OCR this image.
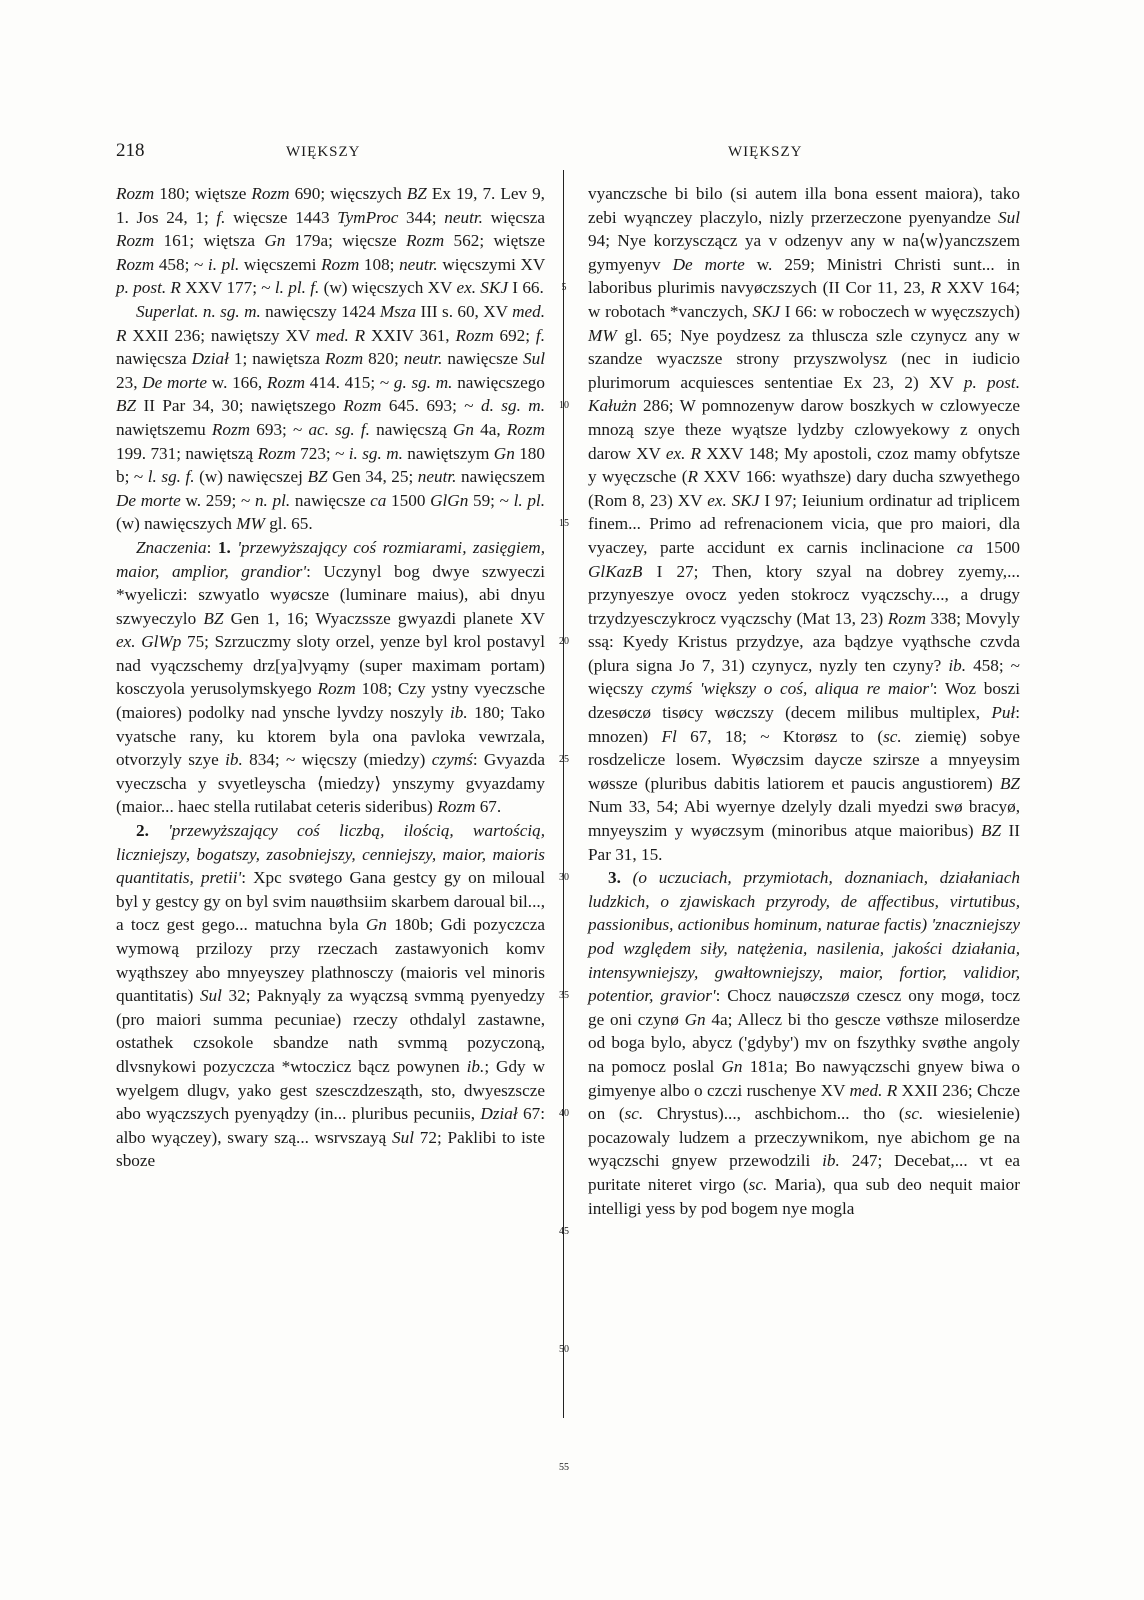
218	WIĘKSZY	WIĘKSZY

Rozm 180; więtsze Rozm 690; więcszych BZ Ex 19, 7. Lev 9, 1. Jos 24, 1; f. więcsze 1443 TymProc 344; neutr. więcsza Rozm 161; więtsza Gn 179a; więcsze Rozm 562; więtsze Rozm 458; ~ i. pl. więcszemi Rozm 108; neutr. więcszymi XV p. post. R XXV 177; ~ l. pl. f. (w) więcszych XV ex. SKJ I 66.

Superlat. n. sg. m. nawięcszy 1424 Msza III s. 60, XV med. R XXII 236; nawiętszy XV med. R XXIV 361, Rozm 692; f. nawięcsza Dział 1; nawiętsza Rozm 820; neutr. nawięcsze Sul 23, De morte w. 166, Rozm 414. 415; ~ g. sg. m. nawięcszego BZ II Par 34, 30; nawiętszego Rozm 645. 693; ~ d. sg. m. nawiętszemu Rozm 693; ~ ac. sg. f. nawięcszą Gn 4a, Rozm 199. 731; nawiętszą Rozm 723; ~ i. sg. m. nawiętszym Gn 180 b; ~ l. sg. f. (w) nawięcszej BZ Gen 34, 25; neutr. nawięcszem De morte w. 259; ~ n. pl. nawięcsze ca 1500 GlGn 59; ~ l. pl. (w) nawięcszych MW gl. 65.

Znaczenia: 1. 'przewyższający coś rozmiarami, zasięgiem, maior, amplior, grandior': Uczynyl bog dwye szwyeczi *wyeliczi: szwyatlo wyøcsze (luminare maius), abi dnyu szwyeczylo BZ Gen 1, 16; Wyaczssze gwyazdi planete XV ex. GlWp 75; Szrzuczmy sloty orzel, yenze byl krol postavyl nad vyączschemy drz[ya]vyąmy (super maximam portam) kosczyola yerusolymskyego Rozm 108; Czy ystny vyeczsche (maiores) podolky nad ynsche lyvdzy noszyly ib. 180; Tako vyatsche rany, ku ktorem byla ona pavloka vewrzala, otvorzyly szye ib. 834; ~ więcszy (miedzy) czymś: Gvyazda vyeczscha y svyetleyscha ⟨miedzy⟩ ynszymy gvyazdamy (maior... haec stella rutilabat ceteris sideribus) Rozm 67.

2. 'przewyższający coś liczbą, ilością, wartością, liczniejszy, bogatszy, zasobniejszy, cenniejszy, maior, maioris quantitatis, pretii': Xpc svøtego Gana gestcy gy on miloual byl y gestcy gy on byl svim nauøthsiim skarbem daroual bil..., a tocz gest gego... matuchna byla Gn 180b; Gdi pozyczcza wymową przilozy przy rzeczach zastawyonich komv wyąthszey abo mnyeyszey plathnosczy (maioris vel minoris quantitatis) Sul 32; Paknyąly za wyączsą svmmą pyenyedzy (pro maiori summa pecuniae) rzeczy othdalyl zastawne, ostathek czsokole sbandze nath svmmą pozyczoną, dlvsnykowi pozyczcza *wtoczicz bącz powynen ib.; Gdy w wyelgem dlugv, yako gest szesczdzesząth, sto, dwyeszscze abo wyączszych pyenyądzy (in... pluribus pecuniis, Dział 67: albo wyączey), swary szą... wsrvszayą Sul 72; Paklibi to iste sboze

5
10
15
20
25
30
35
40
45
50
55

vyanczsche bi bilo (si autem illa bona essent maiora), tako zebi wyąnczey placzylo, nizly przerzeczone pyenyandze Sul 94; Nye korzysczącz ya v odzenyv any w na⟨w⟩yanczszem gymyenyv De morte w. 259; Ministri Christi sunt... in laboribus plurimis navyøczszych (II Cor 11, 23, R XXV 164; w robotach *vanczych, SKJ I 66: w roboczech w wyęczszych) MW gl. 65; Nye poydzesz za thluscza szle czynycz any w szandze wyaczsze strony przyszwolysz (nec in iudicio plurimorum acquiesces sententiae Ex 23, 2) XV p. post. Kałużn 286; W pomnozenyw darow boszkych w czlowyecze mnozą szye theze wyątsze lydzby czlowyekowy z onych darow XV ex. R XXV 148; My apostoli, czoz mamy obfytsze y wyęczsche (R XXV 166: wyathsze) dary ducha szwyethego (Rom 8, 23) XV ex. SKJ I 97; Ieiunium ordinatur ad triplicem finem... Primo ad refrenacionem vicia, que pro maiori, dla vyaczey, parte accidunt ex carnis inclinacione ca 1500 GlKazB I 27; Then, ktory szyal na dobrey zyemy,... przynyeszye ovocz yeden stokrocz vyączschy..., a drugy trzydzyesczykrocz vyączschy (Mat 13, 23) Rozm 338; Movyly ssą: Kyedy Kristus przydzye, aza bądzye vyąthsche czvda (plura signa Jo 7, 31) czynycz, nyzly ten czyny? ib. 458; ~ więcszy czymś 'większy o coś, aliqua re maior': Woz boszi dzesøczø tisøcy wøczszy (decem milibus multiplex, Puł: mnozen) Fl 67, 18; ~ Ktorøsz to (sc. ziemię) sobye rosdzelicze losem. Wyøczsim dayсze szirsze a mnyeysim wøssze (pluribus dabitis latiorem et paucis angustiorem) BZ Num 33, 54; Abi wyernye dzelyly dzali myedzi swø bracyø, mnyeyszim y wyøczsym (minoribus atque maioribus) BZ II Par 31, 15.

3. (o uczuciach, przymiotach, doznaniach, działaniach ludzkich, o zjawiskach przyrody, de affectibus, virtutibus, passionibus, actionibus hominum, naturae factis) 'znaczniejszy pod względem siły, natężenia, nasilenia, jakości działania, intensywniejszy, gwałtowniejszy, maior, fortior, validior, potentior, gravior': Chocz nauøczszø czescz ony mogø, tocz ge oni czynø Gn 4a; Allecz bi tho gescze vøthsze miloserdze od boga bylo, abycz ('gdyby') mv on fszythky svøthe angoly na pomocz poslal Gn 181a; Bo nawyączschi gnyew biwa o gimyenye albo o czczi ruschenye XV med. R XXII 236; Chcze on (sc. Chrystus)..., aschbichom... tho (sc. wiesielenie) pocazowaly ludzem a przeczywnikom, nye abichom ge na wyączschi gnyew przewodzili ib. 247; Decebat,... vt ea puritate niteret virgo (sc. Maria), qua sub deo nequit maior intelligi yess by pod bogem nye mogla
